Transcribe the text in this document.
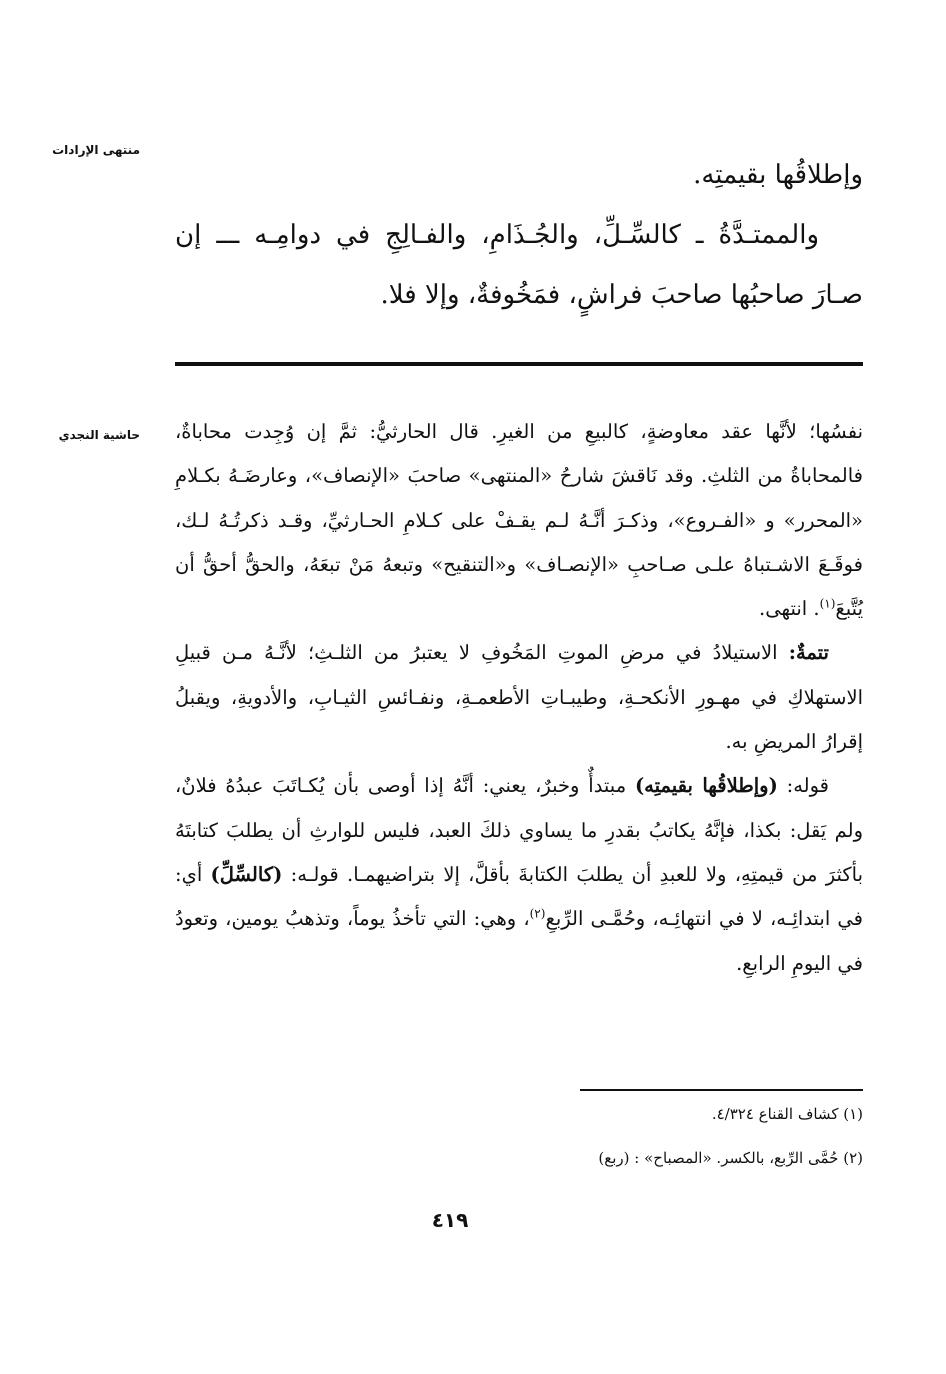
منتهى الإرادات

وإطلاقُها بقيمتِه.

والممتـدَّةُ ـ كالسِّـلِّ، والجُـذَامِ، والفـالِجِ في دوامِـه ـــ إن صـارَ صاحبُها صاحبَ فراشٍ، فمَخُوفةٌ، وإلا فلا.

حاشية النجدي نفسُها؛ لأنَّها عقد معاوضةٍ، كالبيعِ من الغيرِ. قال الحارثيُّ: ثمَّ إن وُجِدت محاباةٌ، فالمحاباةُ من الثلثِ. وقد نَاقشَ شارحُ «المنتهى» صاحبَ «الإنصاف»، وعارضَـهُ بكـلامِ «المحرر» و «الفـروع»، وذكـرَ أنَّـهُ لـم يقـفْ على كـلامِ الحـارثيِّ، وقـد ذكرتُـهُ لـك، فوقَـعَ الاشـتباهُ علـى صـاحبِ «الإنصـاف» و«التنقيح» وتبعهُ مَنْ تبعَهُ، والحقُّ أحقُّ أن يُتَّبعَ$^{(١)}$. انتهى.

تتمةٌ: الاستيلادُ في مرضِ الموتِ المَخُوفِ لا يعتبرُ من الثلـثِ؛ لأنَّـهُ مـن قبيلِ الاستهلاكِ في مهـورِ الأنكحـةِ، وطيبـاتِ الأطعمـةِ، ونفـائسِ الثيـابِ، والأدويةِ، ويقبلُ إقرارُ المريضِ به.

قوله: (وإطلاقُها بقيمتِه) مبتدأٌ وخبرٌ، يعني: أنَّهُ إذا أوصى بأن يُكـاتَبَ عبدُهُ فلانٌ، ولم يَقل: بكذا، فإنَّهُ يكاتبُ بقدرِ ما يساوي ذلكَ العبد، فليس للوارثِ أن يطلبَ كتابتَهُ بأكثرَ من قيمتِهِ، ولا للعبدِ أن يطلبَ الكتابةَ بأقلَّ، إلا بتراضيهمـا. قولـه: (كالسِّلِّ) أي: في ابتدائِـه، لا في انتهائِـه، وحُمَّـى الرِّبعِ$^{(٢)}$، وهي: التي تأخذُ يوماً، وتذهبُ يومين، وتعودُ في اليومِ الرابعِ.

(١) كشاف القناع ٤/٣٢٤.

(٢) حُمَّى الرِّبع، بالكسر. «المصباح» : (ربع)

٤١٩
